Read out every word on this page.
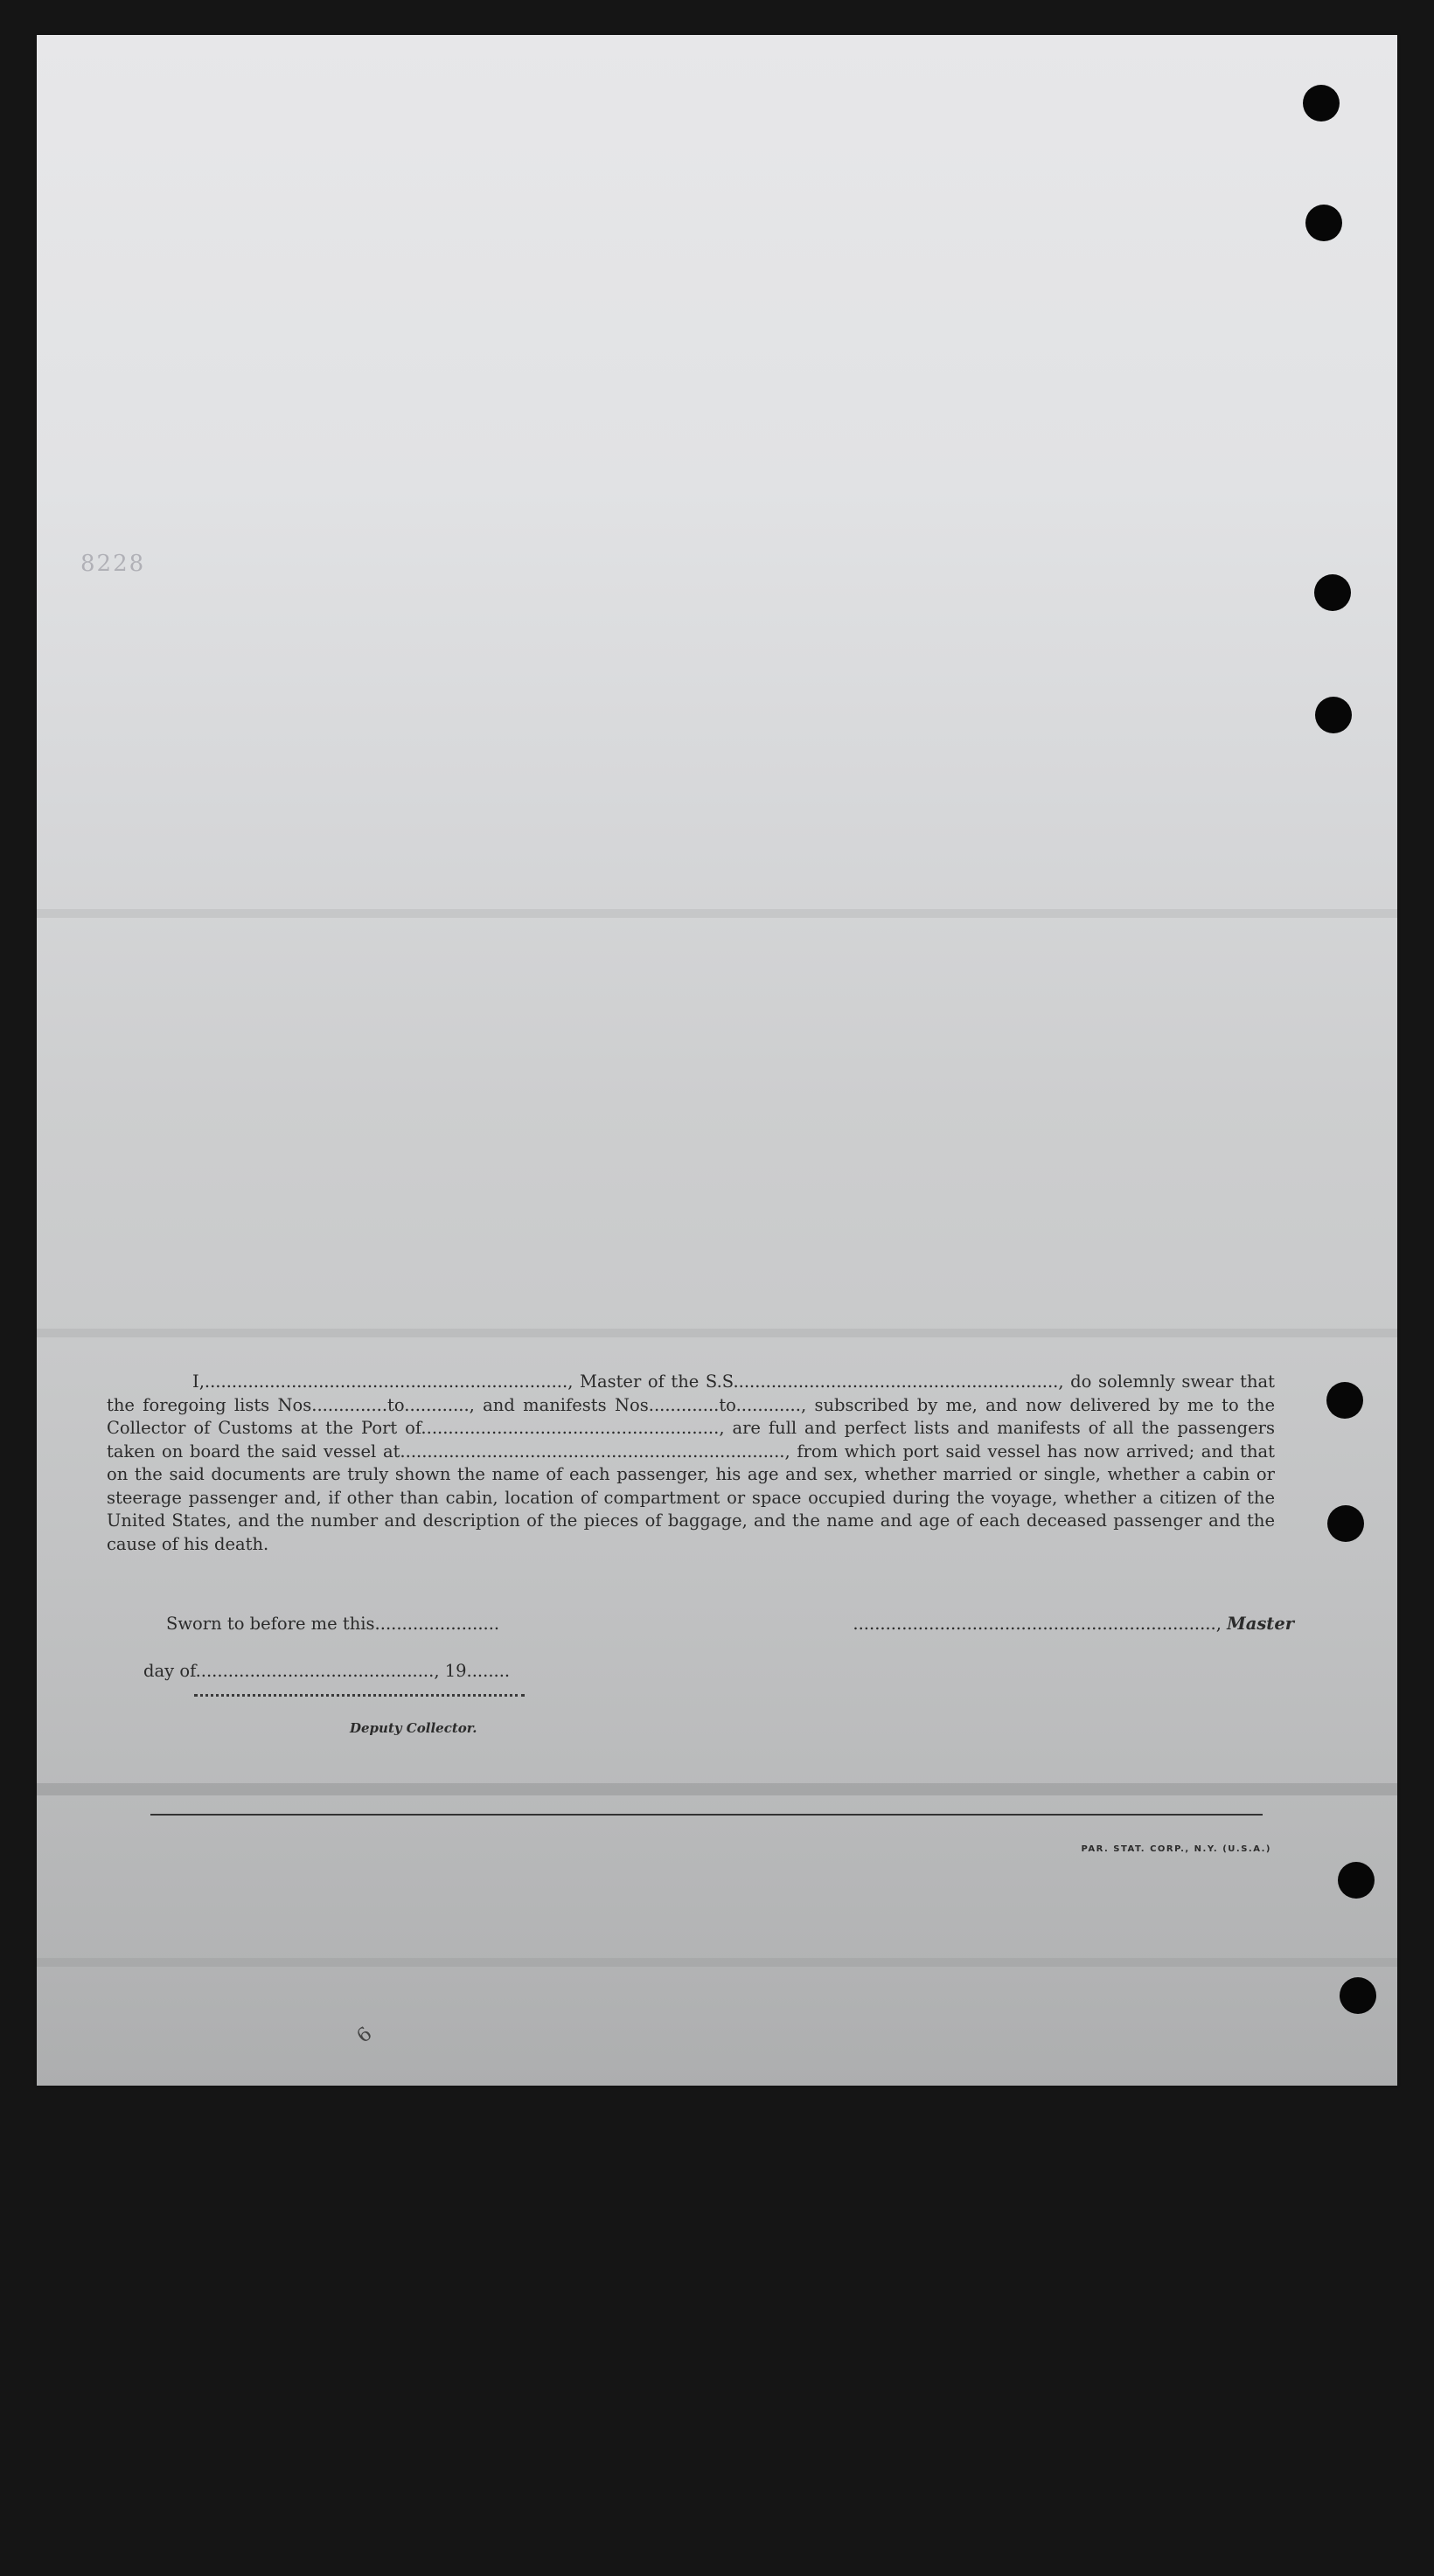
8228

I,..................................................................., Master of the S.S............................................................, do solemnly swear that the foregoing lists Nos..............to............, and manifests Nos.............to............, subscribed by me, and now delivered by me to the Collector of Customs at the Port of......................................................., are full and perfect lists and manifests of all the passengers taken on board the said vessel at......................................................................., from which port said vessel has now arrived; and that on the said documents are truly shown the name of each passenger, his age and sex, whether married or single, whether a cabin or steerage passenger and, if other than cabin, location of compartment or space occupied during the voyage, whether a citizen of the United States, and the number and description of the pieces of baggage, and the name and age of each deceased passenger and the cause of his death.

Sworn to before me this.......................	..................................................................., Master
day of............................................, 19........
Deputy Collector.
PAR. STAT. CORP., N.Y. (U.S.A.)
6
